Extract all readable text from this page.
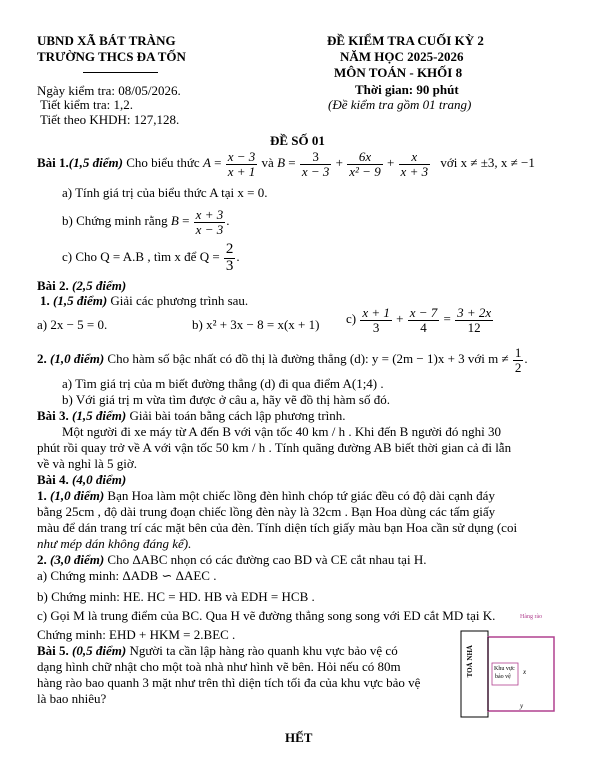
UBND XÃ BÁT TRÀNG
TRƯỜNG THCS ĐA TỐN
ĐỀ KIỂM TRA CUỐI KỲ 2
NĂM HỌC 2025-2026
MÔN TOÁN - KHỐI 8
Ngày kiểm tra: 08/05/2026.
Tiết kiểm tra: 1,2.
Tiết theo KHDH: 127,128.
Thời gian: 90 phút
(Đề kiểm tra gồm 01 trang)
ĐỀ SỐ 01
Bài 1.(1,5 điểm) Cho biểu thức $A = \frac{x - 3}{x + 1}$ và $B = \frac{3}{x - 3} + \frac{6x}{\text{x² − 9}} + \frac{x}{x + 3}$ với x ≠ ±3, x ≠ −1
a) Tính giá trị của biểu thức A tại x = 0.
b) Chứng minh rằng $B = \frac{x + 3}{x - 3}$ .
c) Cho Q = A.B , tìm x để $Q = \frac{2}{3}$ .
Bài 2. (2,5 điểm)
1. (1,5 điểm) Giải các phương trình sau.
a) 2x − 5 = 0.	b) x² + 3x − 8 = x(x + 1) $c) \frac{x + 1}{3} + \frac{x - 7}{4} = \frac{3 + 2x}{12}$
2. (1,0 điểm) Cho hàm số bậc nhất có đồ thị là đường thẳng (d): y = (2m − 1)x + 3 với $m \ne \frac{1}{2}$ .
a) Tìm giá trị của m biết đường thẳng (d) đi qua điểm A(1;4) .
b) Với giá trị m vừa tìm được ở câu a, hãy vẽ đồ thị hàm số đó.
Bài 3. (1,5 điểm) Giải bài toán bằng cách lập phương trình.
Một người đi xe máy từ A đến B với vận tốc 40 km / h . Khi đến B người đó nghỉ 30
phút rồi quay trở về A với vận tốc 50 km / h . Tính quãng đường AB biết thời gian cả đi lẫn
về và nghỉ là 5 giờ.
Bài 4. (4,0 điểm)
1. (1,0 điểm) Bạn Hoa làm một chiếc lồng đèn hình chóp tứ giác đều có độ dài cạnh đáy
bằng 25cm , độ dài trung đoạn chiếc lồng đèn này là 32cm . Bạn Hoa dùng các tấm giấy
màu để dán trang trí các mặt bên của đèn. Tính diện tích giấy màu bạn Hoa cần sử dụng (coi
như mép dán không đáng kể).
2. (3,0 điểm) Cho ΔABC nhọn có các đường cao BD và CE cắt nhau tại H.
a) Chứng minh: ΔADB ∽ ΔAEC .
b) Chứng minh: HE. HC = HD. HB và EDH = HCB .
c) Gọi M là trung điểm của BC. Qua H vẽ đường thẳng song song với ED cắt MD tại K.
Chứng minh: EHD + HKM = 2.BEC .
Bài 5. (0,5 điểm) Người ta cần lập hàng rào quanh khu vực bảo vệ có
dạng hình chữ nhật cho một toà nhà như hình vẽ bên. Hỏi nếu có 80m
hàng rào bao quanh 3 mặt như trên thì diện tích tối đa của khu vực bảo vệ
là bao nhiêu?
Hàng rào
TOÀ NHÀ	Khu vực
bảo vệ
x
y
HẾT
